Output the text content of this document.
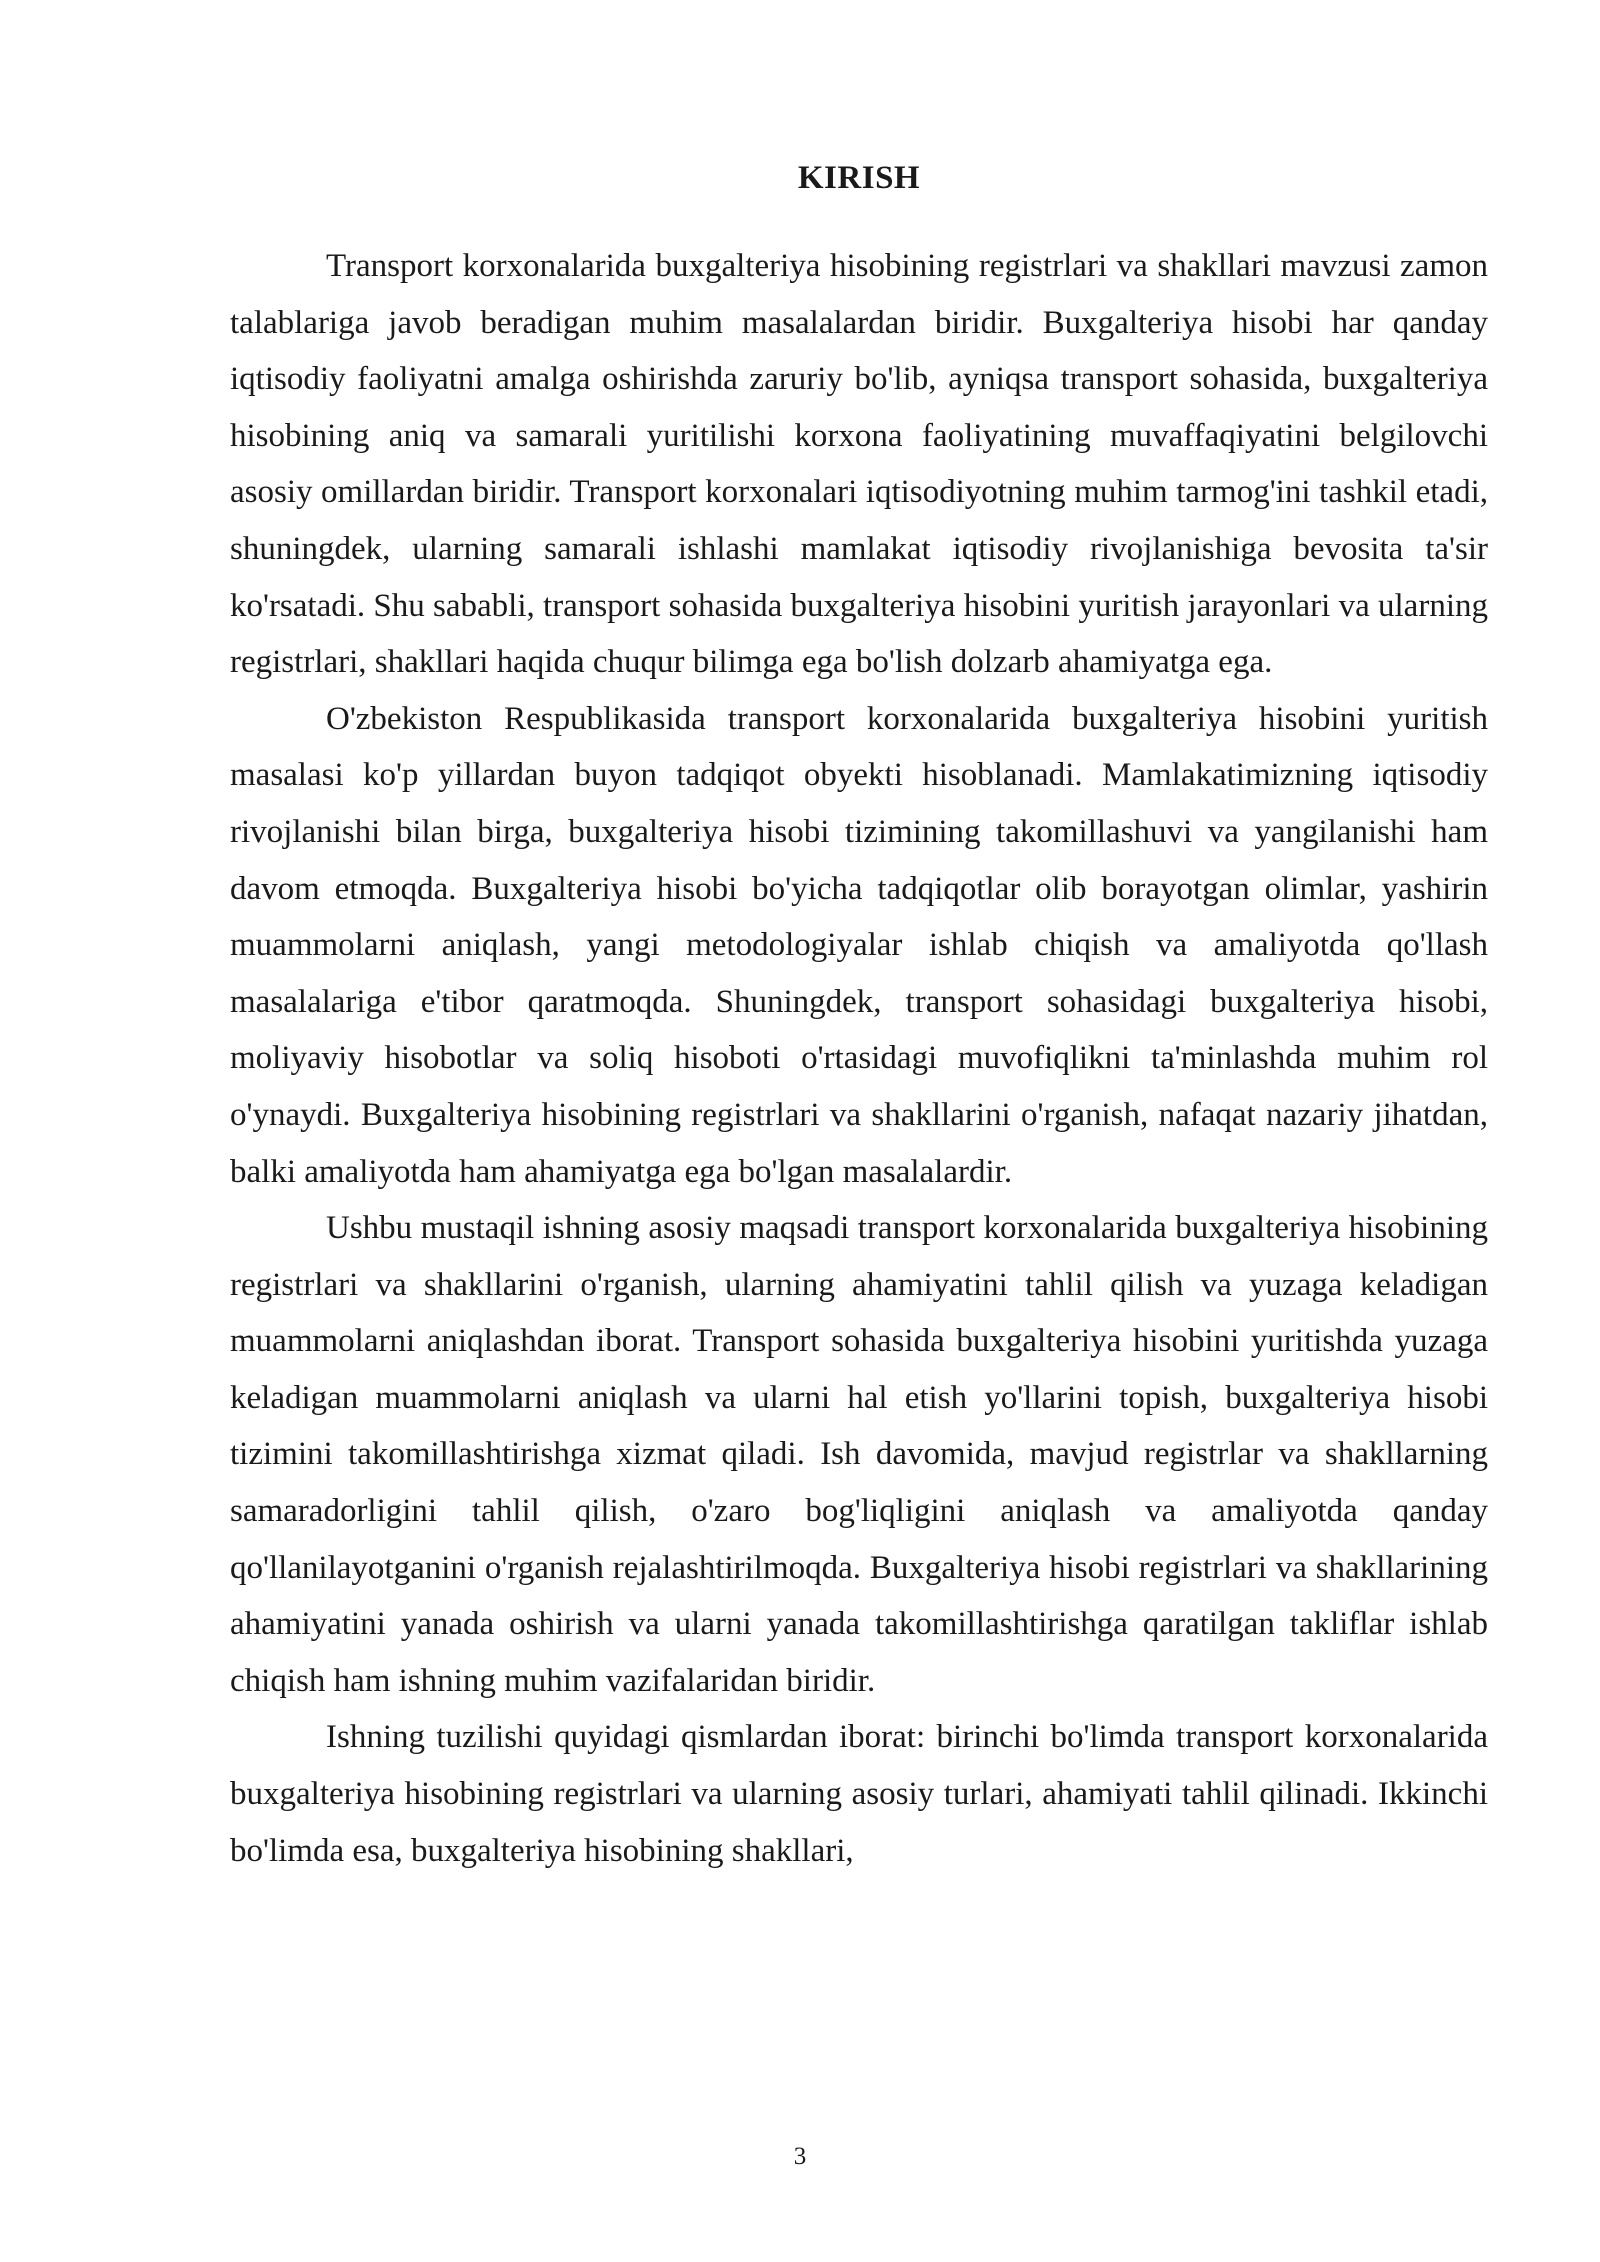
KIRISH

Transport korxonalarida buxgalteriya hisobining registrlari va shakllari mavzusi zamon talablariga javob beradigan muhim masalalardan biridir. Buxgalteriya hisobi har qanday iqtisodiy faoliyatni amalga oshirishda zaruriy bo'lib, ayniqsa transport sohasida, buxgalteriya hisobining aniq va samarali yuritilishi korxona faoliyatining muvaffaqiyatini belgilovchi asosiy omillardan biridir. Transport korxonalari iqtisodiyotning muhim tarmog'ini tashkil etadi, shuningdek, ularning samarali ishlashi mamlakat iqtisodiy rivojlanishiga bevosita ta'sir ko'rsatadi. Shu sababli, transport sohasida buxgalteriya hisobini yuritish jarayonlari va ularning registrlari, shakllari haqida chuqur bilimga ega bo'lish dolzarb ahamiyatga ega.

O'zbekiston Respublikasida transport korxonalarida buxgalteriya hisobini yuritish masalasi ko'p yillardan buyon tadqiqot obyekti hisoblanadi. Mamlakatimizning iqtisodiy rivojlanishi bilan birga, buxgalteriya hisobi tizimining takomillashuvi va yangilanishi ham davom etmoqda. Buxgalteriya hisobi bo'yicha tadqiqotlar olib borayotgan olimlar, yashirin muammolarni aniqlash, yangi metodologiyalar ishlab chiqish va amaliyotda qo'llash masalalariga e'tibor qaratmoqda. Shuningdek, transport sohasidagi buxgalteriya hisobi, moliyaviy hisobotlar va soliq hisoboti o'rtasidagi muvofiqlikni ta'minlashda muhim rol o'ynaydi. Buxgalteriya hisobining registrlari va shakllarini o'rganish, nafaqat nazariy jihatdan, balki amaliyotda ham ahamiyatga ega bo'lgan masalalardir.

Ushbu mustaqil ishning asosiy maqsadi transport korxonalarida buxgalteriya hisobining registrlari va shakllarini o'rganish, ularning ahamiyatini tahlil qilish va yuzaga keladigan muammolarni aniqlashdan iborat. Transport sohasida buxgalteriya hisobini yuritishda yuzaga keladigan muammolarni aniqlash va ularni hal etish yo'llarini topish, buxgalteriya hisobi tizimini takomillashtirishga xizmat qiladi. Ish davomida, mavjud registrlar va shakllarning samaradorligini tahlil qilish, o'zaro bog'liqligini aniqlash va amaliyotda qanday qo'llanilayotganini o'rganish rejalashtirilmoqda. Buxgalteriya hisobi registrlari va shakllarining ahamiyatini yanada oshirish va ularni yanada takomillashtirishga qaratilgan takliflar ishlab chiqish ham ishning muhim vazifalaridan biridir.

Ishning tuzilishi quyidagi qismlardan iborat: birinchi bo'limda transport korxonalarida buxgalteriya hisobining registrlari va ularning asosiy turlari, ahamiyati tahlil qilinadi. Ikkinchi bo'limda esa, buxgalteriya hisobining shakllari,

3
